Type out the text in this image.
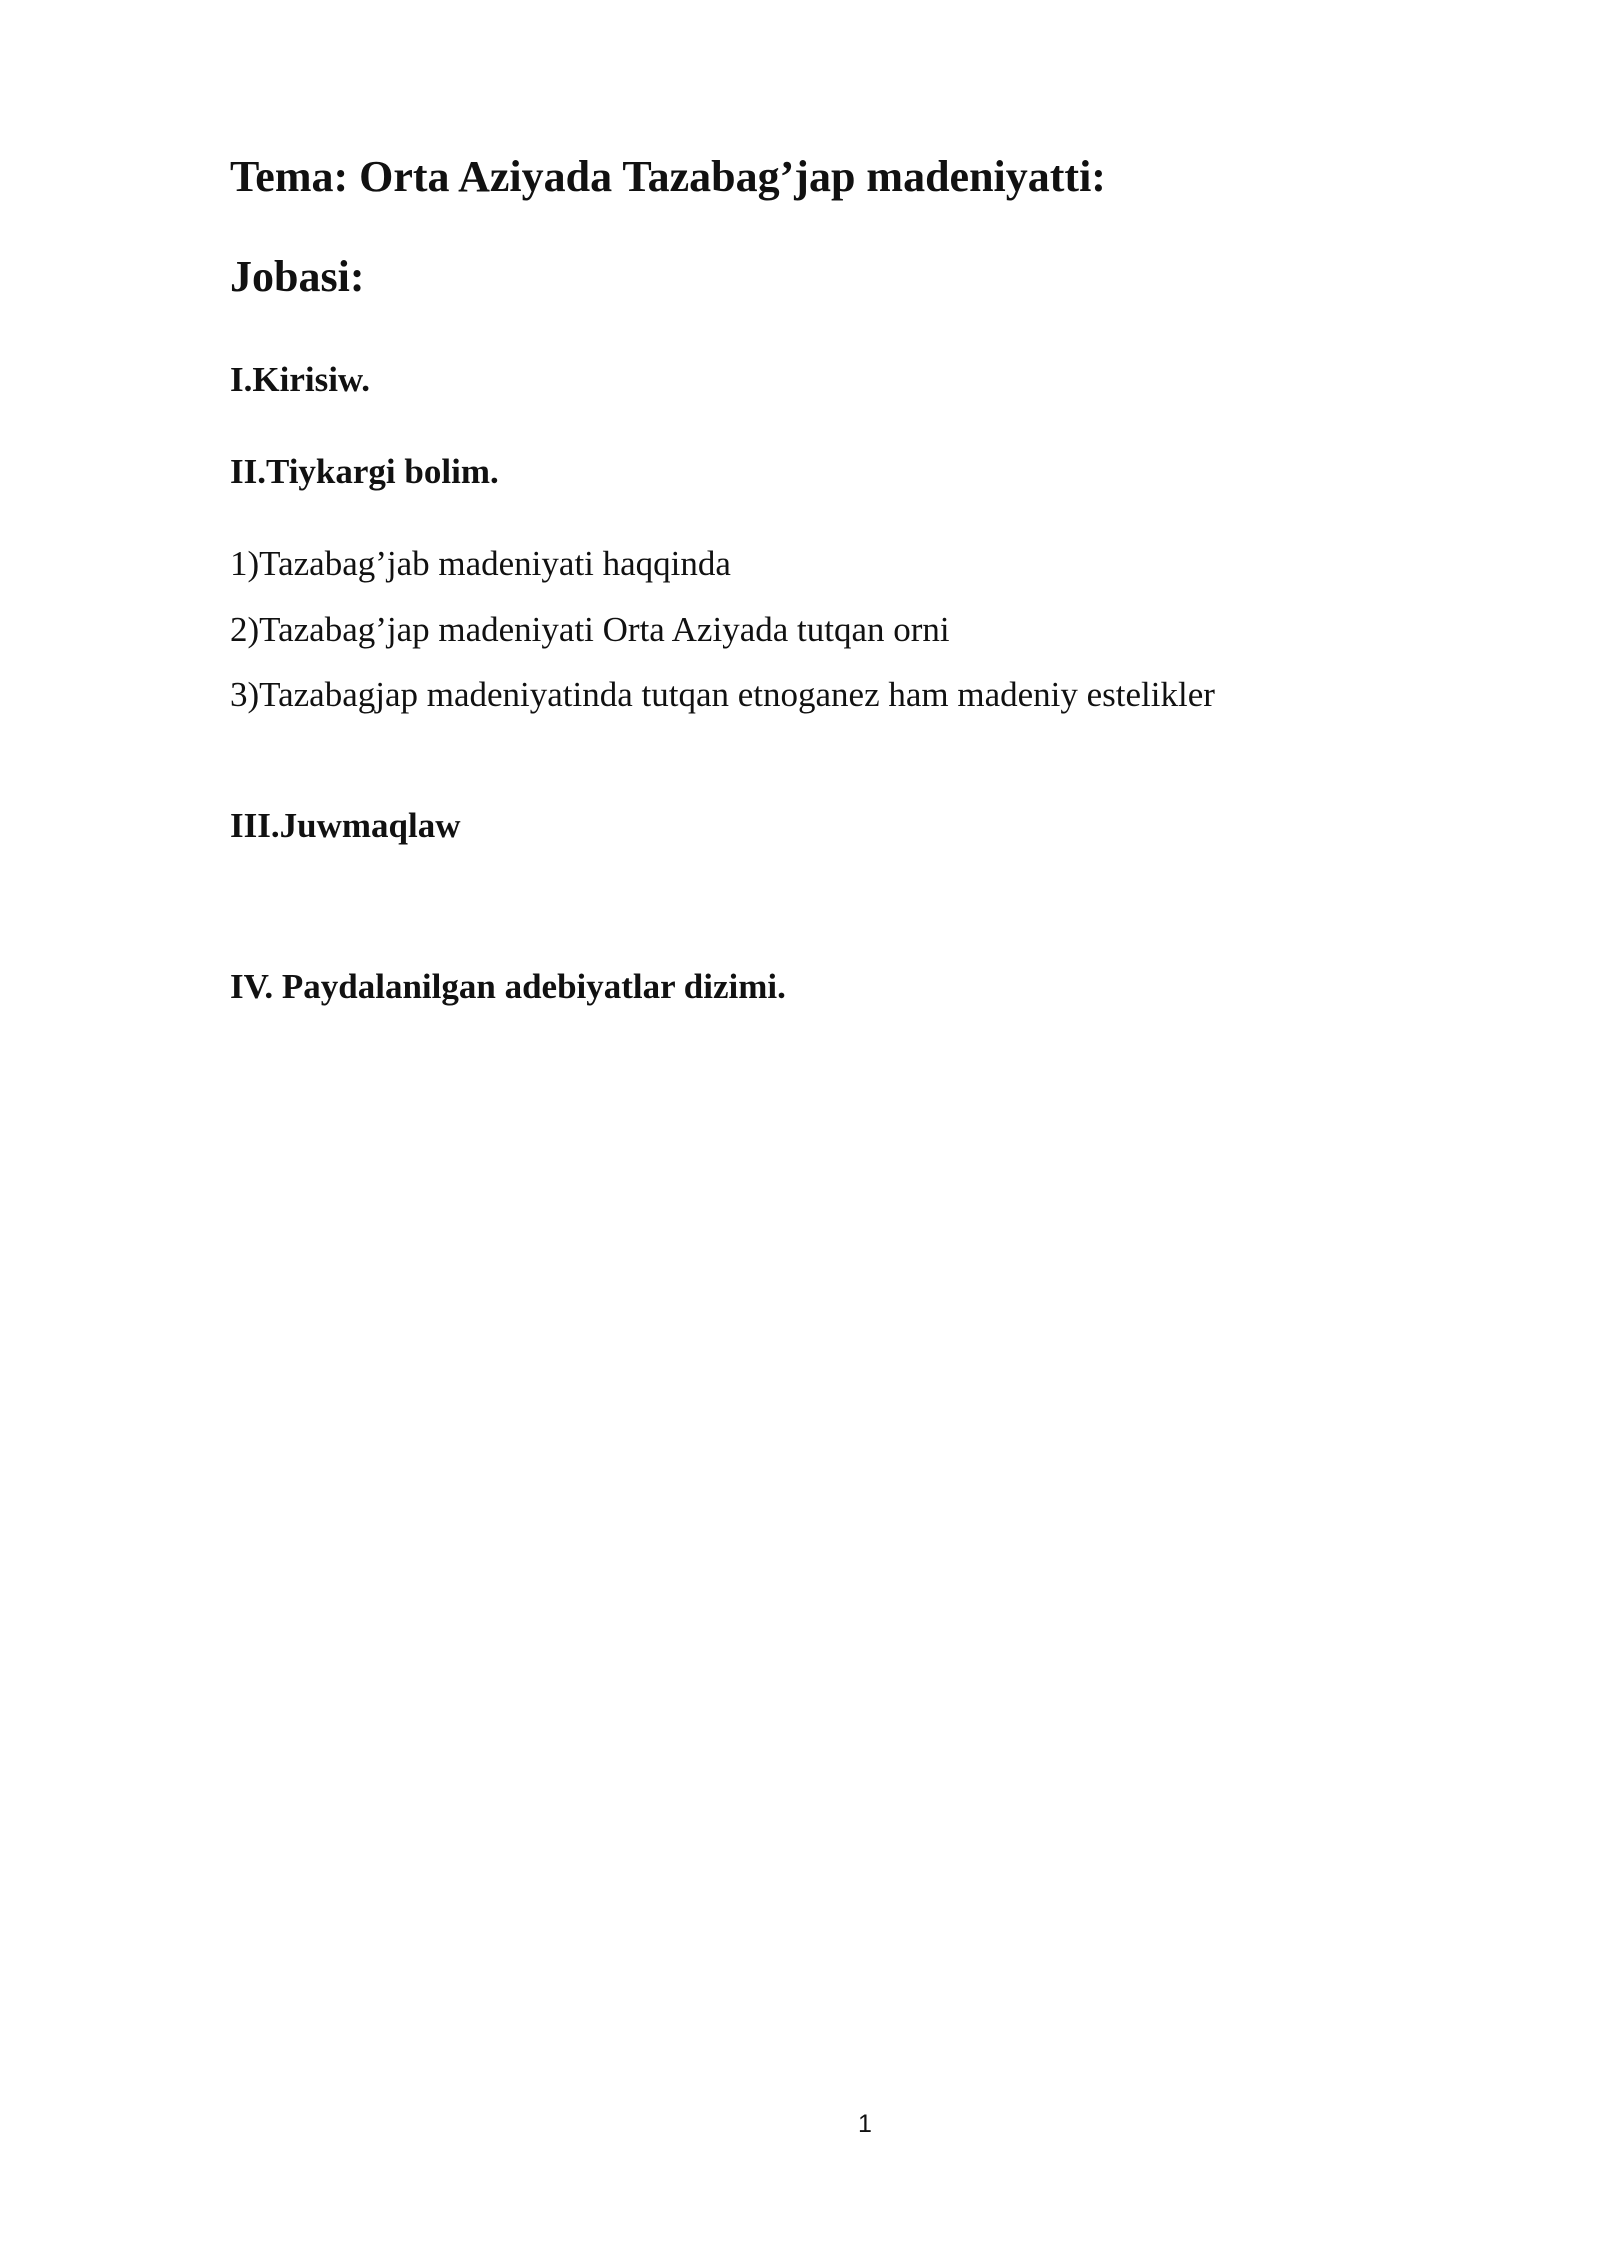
Tema: Orta Aziyada Tazabag’jap madeniyatti:
Jobasi:
I.Kirisiw.
II.Tiykargi bolim.
1)Tazabag’jab madeniyati haqqinda
2)Tazabag’jap madeniyati Orta Aziyada tutqan orni
3)Tazabagjap madeniyatinda tutqan etnoganez ham madeniy estelikler
III.Juwmaqlaw
IV. Paydalanilgan adebiyatlar dizimi.
1
